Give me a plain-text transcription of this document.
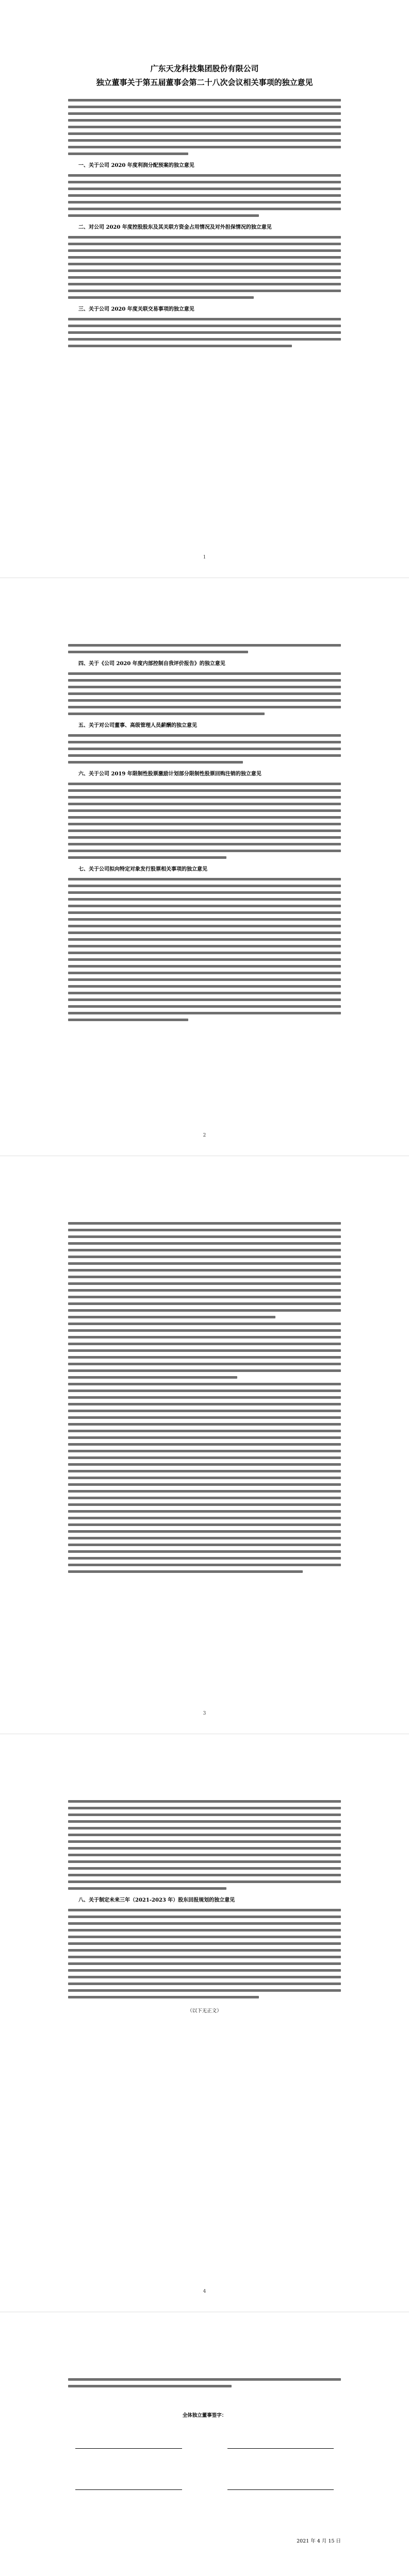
广东天龙科技集团股份有限公司

独立董事关于第五届董事会第二十八次会议相关事项的独立意见

一、关于公司 2020 年度利润分配预案的独立意见
二、对公司 2020 年度控股股东及其关联方资金占用情况及对外担保情况的独立意见
三、关于公司 2020 年度关联交易事项的独立意见
1
四、关于《公司 2020 年度内部控制自我评价报告》的独立意见
五、关于对公司董事、高级管理人员薪酬的独立意见
六、关于公司 2019 年限制性股票激励计划部分限制性股票回购注销的独立意见
七、关于公司拟向特定对象发行股票相关事项的独立意见
2
3
八、关于制定未来三年（2021-2023 年）股东回报规划的独立意见
（以下无正文）
4
全体独立董事签字：
2021 年 4 月 15 日
